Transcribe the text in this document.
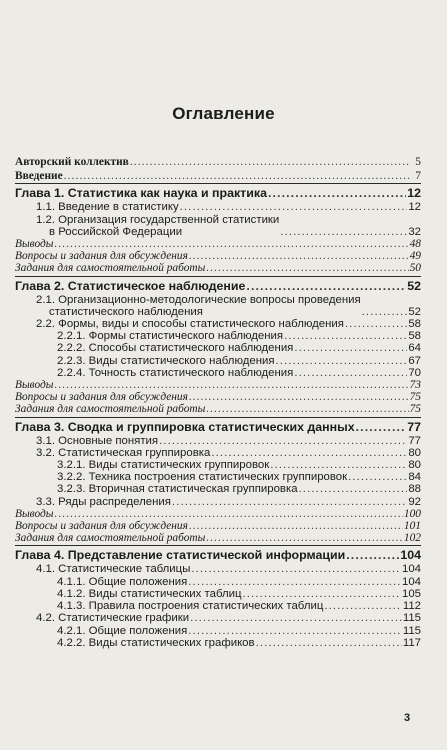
Оглавление
Авторский коллектив .....	5
Введение .....	7
Глава 1. Статистика как наука и практика .....	12
1.1. Введение в статистику .....	12
1.2. Организация государственной статистики
в Российской Федерации .....	32
Выводы .....	48
Вопросы и задания для обсуждения .....	49
Задания для самостоятельной работы .....	50
Глава 2. Статистическое наблюдение .....	52
2.1. Организационно-методологические вопросы проведения
статистического наблюдения .....	52
2.2. Формы, виды и способы статистического наблюдения .....	58
2.2.1. Формы статистического наблюдения .....	58
2.2.2. Способы статистического наблюдения .....	64
2.2.3. Виды статистического наблюдения .....	67
2.2.4. Точность статистического наблюдения .....	70
Выводы .....	73
Вопросы и задания для обсуждения .....	75
Задания для самостоятельной работы .....	75
Глава 3. Сводка и группировка статистических данных .....	77
3.1. Основные понятия .....	77
3.2. Статистическая группировка .....	80
3.2.1. Виды статистических группировок .....	80
3.2.2. Техника построения статистических группировок .....	84
3.2.3. Вторичная статистическая группировка .....	88
3.3. Ряды распределения .....	92
Выводы .....	100
Вопросы и задания для обсуждения .....	101
Задания для самостоятельной работы .....	102
Глава 4. Представление статистической информации .....	104
4.1. Статистические таблицы .....	104
4.1.1. Общие положения .....	104
4.1.2. Виды статистических таблиц .....	105
4.1.3. Правила построения статистических таблиц .....	112
4.2. Статистические графики .....	115
4.2.1. Общие положения .....	115
4.2.2. Виды статистических графиков .....	117
3
